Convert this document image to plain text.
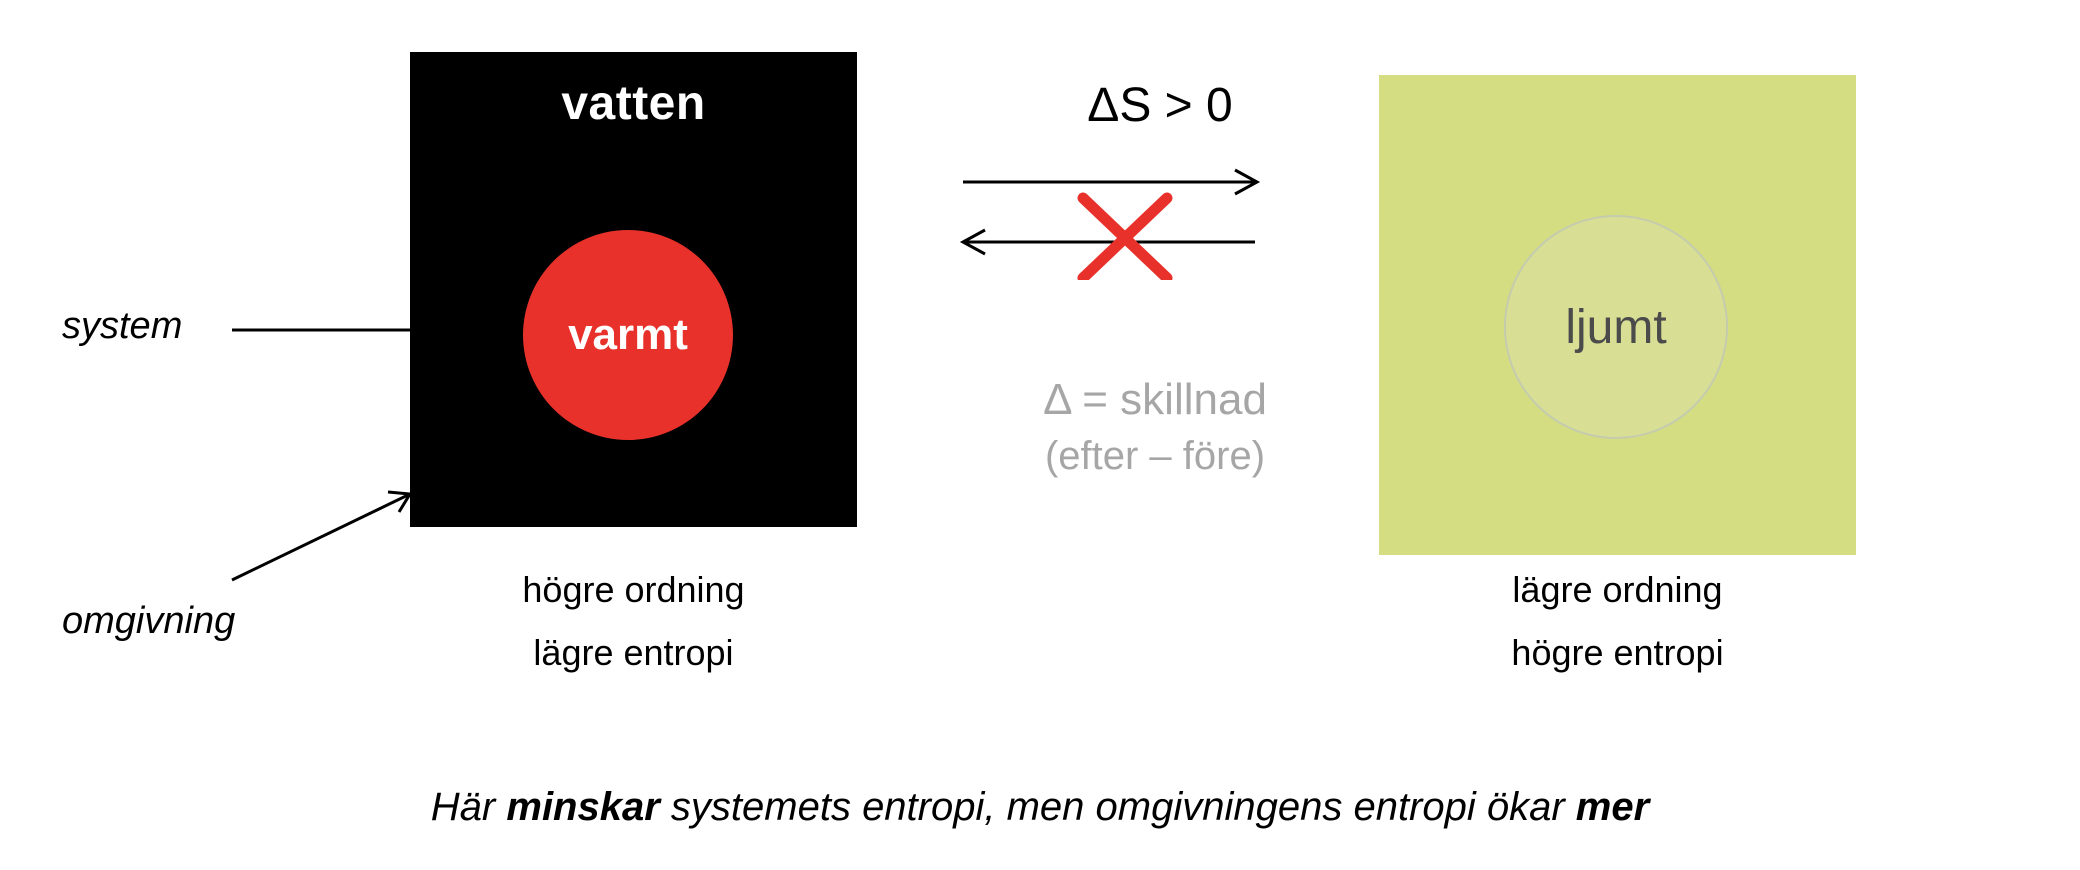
vatten
varmt
högre ordning
lägre entropi
ljumt
lägre ordning
högre entropi
ΔS > 0
Δ = skillnad
(efter – före)
system
omgivning
Här minskar systemets entropi, men omgivningens entropi ökar mer
